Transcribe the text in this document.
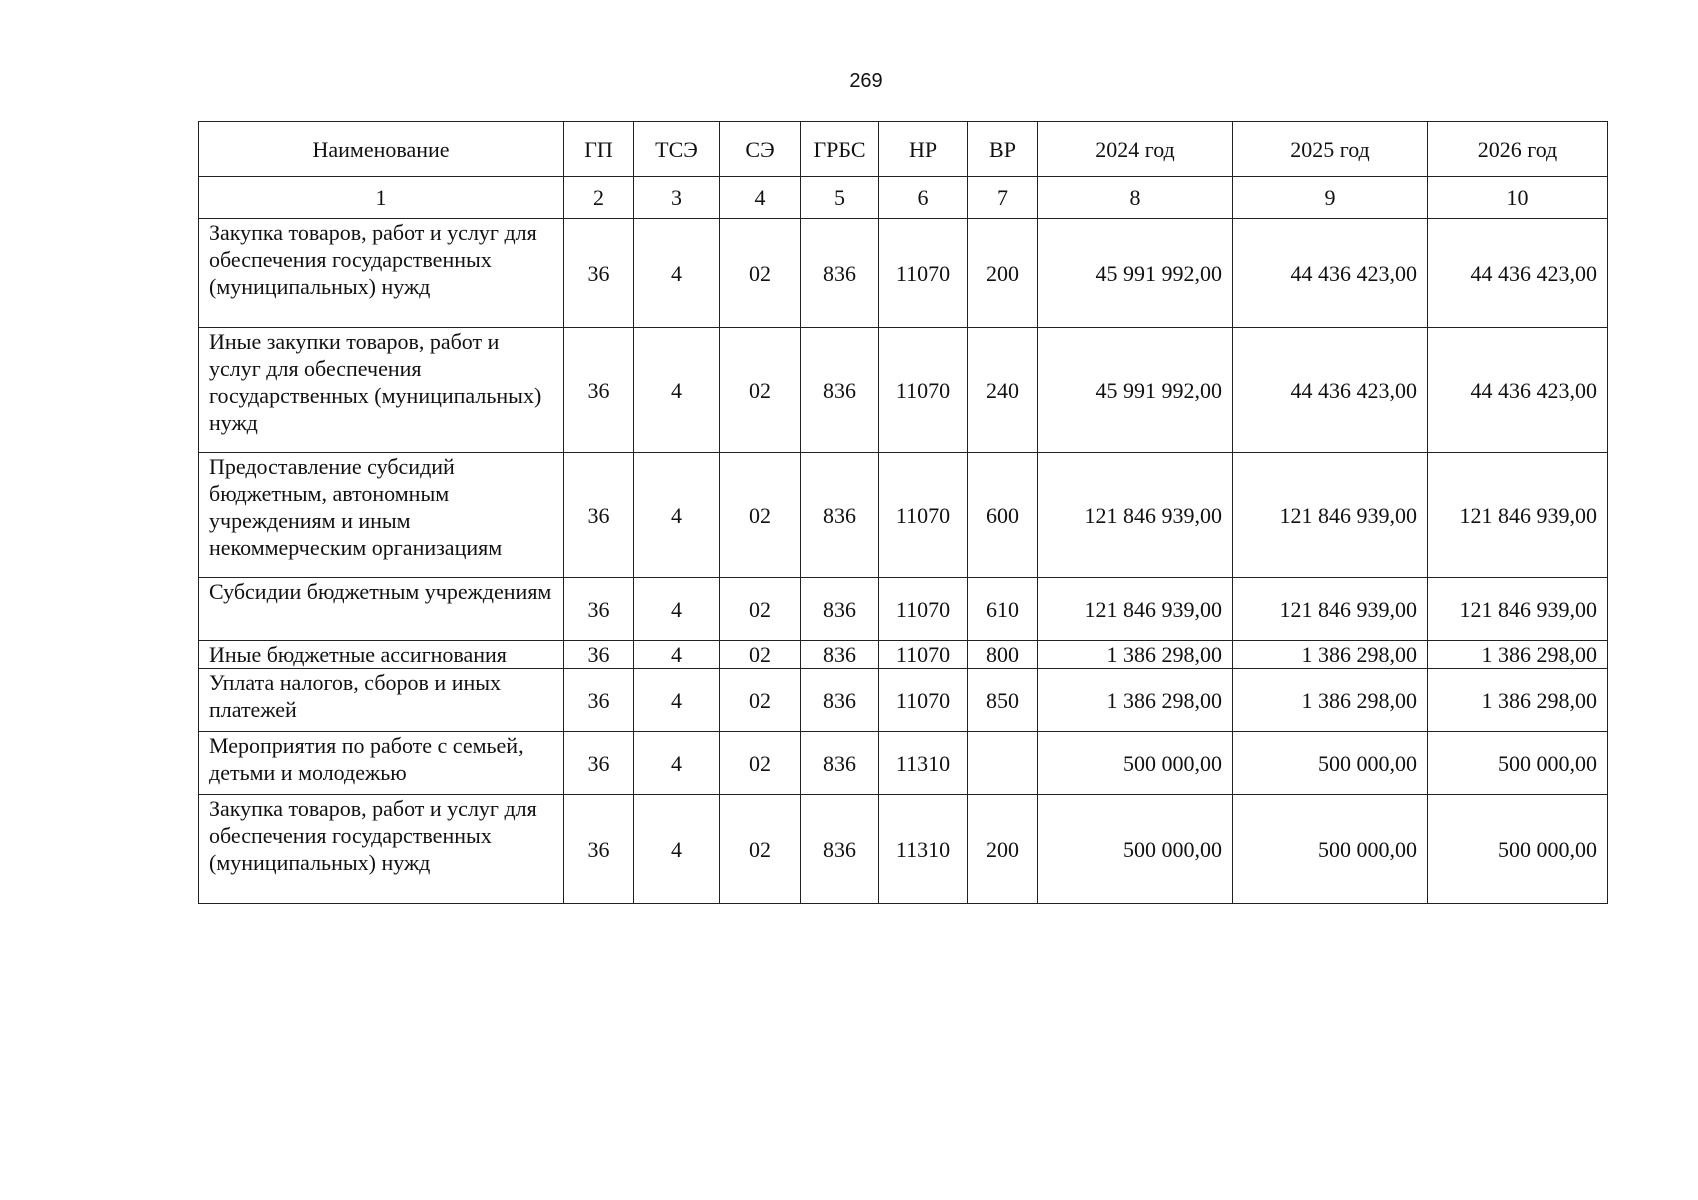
269
Наименование	ГП	ТСЭ	СЭ	ГРБС	НР	ВР	2024 год	2025 год	2026 год
1	2	3	4	5	6	7	8	9	10
Закупка товаров, работ и услуг для обеспечения государственных (муниципальных) нужд	36	4	02	836	11070	200	45 991 992,00	44 436 423,00	44 436 423,00
Иные закупки товаров, работ и услуг для обеспечения государственных (муниципальных) нужд	36	4	02	836	11070	240	45 991 992,00	44 436 423,00	44 436 423,00
Предоставление субсидий бюджетным, автономным учреждениям и иным некоммерческим организациям	36	4	02	836	11070	600	121 846 939,00	121 846 939,00	121 846 939,00
Субсидии бюджетным учреждениям	36	4	02	836	11070	610	121 846 939,00	121 846 939,00	121 846 939,00
Иные бюджетные ассигнования	36	4	02	836	11070	800	1 386 298,00	1 386 298,00	1 386 298,00
Уплата налогов, сборов и иных платежей	36	4	02	836	11070	850	1 386 298,00	1 386 298,00	1 386 298,00
Мероприятия по работе с семьей, детьми и молодежью	36	4	02	836	11310		500 000,00	500 000,00	500 000,00
Закупка товаров, работ и услуг для обеспечения государственных (муниципальных) нужд	36	4	02	836	11310	200	500 000,00	500 000,00	500 000,00
